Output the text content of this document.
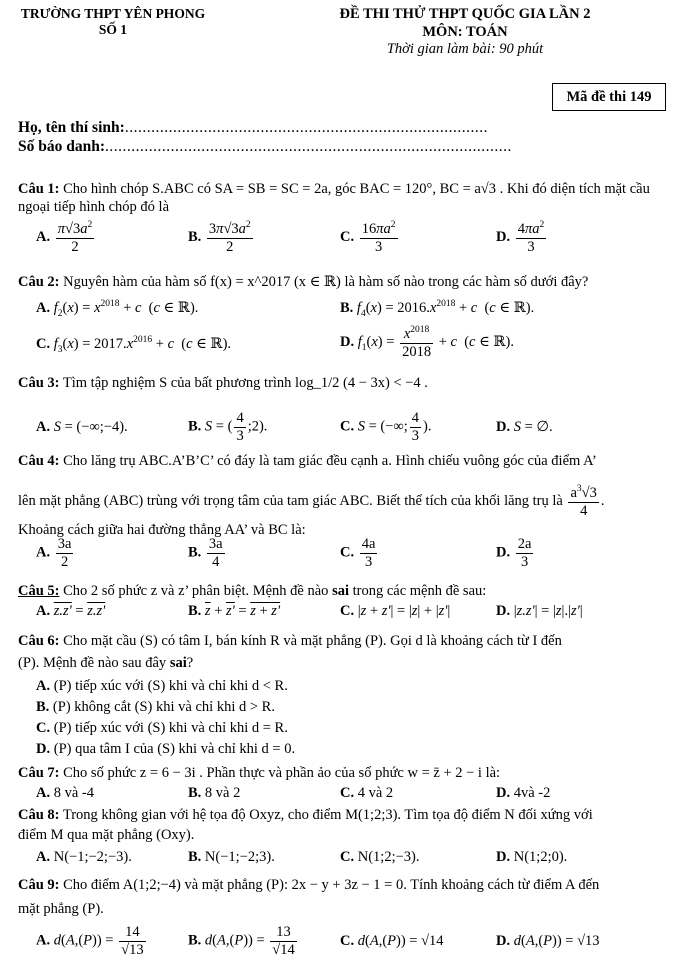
TRƯỜNG THPT YÊN PHONG
SỐ 1
ĐỀ THI THỬ THPT QUỐC GIA LẦN 2
MÔN: TOÁN
Thời gian làm bài: 90 phút
Mã đề thi 149
Họ, tên thí sinh:...................................................................................
Số báo danh:.............................................................................................
Câu 1: Cho hình chóp S.ABC có SA = SB = SC = 2a, góc BAC = 120°, BC = a√3 . Khi đó diện tích mặt cầu ngoại tiếp hình chóp đó là
A. $\frac{\pi√3a^2}{2}$	B. $\frac{3\pi√3a^2}{2}$	C. $\frac{16\pi a^2}{3}$	D. $\frac{4\pi a^2}{3}$
Câu 2: Nguyên hàm của hàm số f(x) = x^2017 (x ∈ ℝ) là hàm số nào trong các hàm số dưới đây?
A. $f_2(x) = x^{2018} + c$  (c ∈ ℝ).	B. $f_4(x) = 2016.x^{2018} + c$  (c ∈ ℝ).
C. $f_3(x) = 2017.x^{2016} + c$  (c ∈ ℝ).	D. $f_1(x) = \frac{x^{2018}}{2018} + c$  (c ∈ ℝ).
Câu 3: Tìm tập nghiệm S của bất phương trình log_1/2 (4 − 3x) < −4 .
A. S = (−∞;−4).	B. S = ( $\frac{4}{3}$ ;2).	C. S = (−∞; $\frac{4}{3}$ ).	D. S = ∅.
Câu 4: Cho lăng trụ ABC.A’B’C’ có đáy là tam giác đều cạnh a. Hình chiếu vuông góc của điểm A’
lên mặt phẳng (ABC) trùng với trọng tâm của tam giác ABC. Biết thể tích của khối lăng trụ là $\frac{a^3√3}{4}$ .
Khoảng cách giữa hai đường thẳng AA’ và BC là:
A. $\frac{3a}{2}$	B. $\frac{3a}{4}$	C. $\frac{4a}{3}$	D. $\frac{2a}{3}$
Câu 5: Cho 2 số phức z và z’ phân biệt. Mệnh đề nào sai trong các mệnh đề sau:
A. z.z' = z.z'	B. $\overline{z} + z' = z + z'$	C. |z + z'| = |z| + |z'|	D. |z.z'| = |z|.|z'|
Câu 6: Cho mặt cầu (S) có tâm I, bán kính R và mặt phẳng (P). Gọi d là khoảng cách từ I đến
(P). Mệnh đề nào sau đây sai?
A. (P) tiếp xúc với (S) khi và chỉ khi d < R.
B. (P) không cắt (S) khi và chỉ khi d > R.
C. (P) tiếp xúc với (S) khi và chỉ khi d = R.
D. (P) qua tâm I của (S) khi và chỉ khi d = 0.
Câu 7: Cho số phức z = 6 − 3i . Phần thực và phần ảo của số phức w = z̄ + 2 − i là:
A. 8 và -4	B. 8 và 2	C. 4 và 2	D. 4và -2
Câu 8: Trong không gian với hệ tọa độ Oxyz, cho điểm M(1;2;3). Tìm tọa độ điểm N đối xứng với
điểm M qua mặt phẳng (Oxy).
A. N(−1;−2;−3).	B. N(−1;−2;3).	C. N(1;2;−3).	D. N(1;2;0).
Câu 9: Cho điểm A(1;2;−4) và mặt phẳng (P): 2x − y + 3z − 1 = 0. Tính khoảng cách từ điểm A đến
mặt phẳng (P).
A. $d(A,(P)) = \frac{14}{√13}$	B. $d(A,(P)) = \frac{13}{√14}$	C. d(A,(P)) = √14	D. d(A,(P)) = √13
